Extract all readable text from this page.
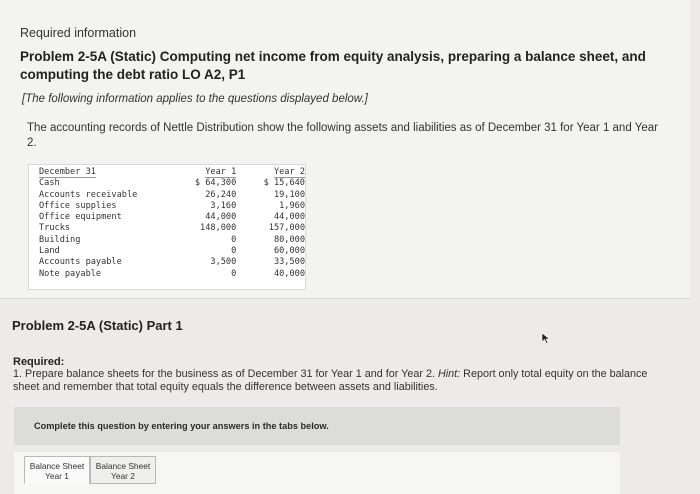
Required information
Problem 2-5A (Static) Computing net income from equity analysis, preparing a balance sheet, and computing the debt ratio LO A2, P1
[The following information applies to the questions displayed below.]
The accounting records of Nettle Distribution show the following assets and liabilities as of December 31 for Year 1 and Year 2.
December 31	Year 1	Year 2
Cash	$ 64,300	$ 15,640
Accounts receivable	26,240	19,100
Office supplies	3,160	1,960
Office equipment	44,000	44,000
Trucks	148,000	157,000
Building	0	80,000
Land	0	60,000
Accounts payable	3,500	33,500
Note payable	0	40,000
Problem 2-5A (Static) Part 1
Required:
1. Prepare balance sheets for the business as of December 31 for Year 1 and for Year 2. Hint: Report only total equity on the balance sheet and remember that total equity equals the difference between assets and liabilities.
Complete this question by entering your answers in the tabs below.
Balance Sheet
Year 1
Balance Sheet
Year 2
